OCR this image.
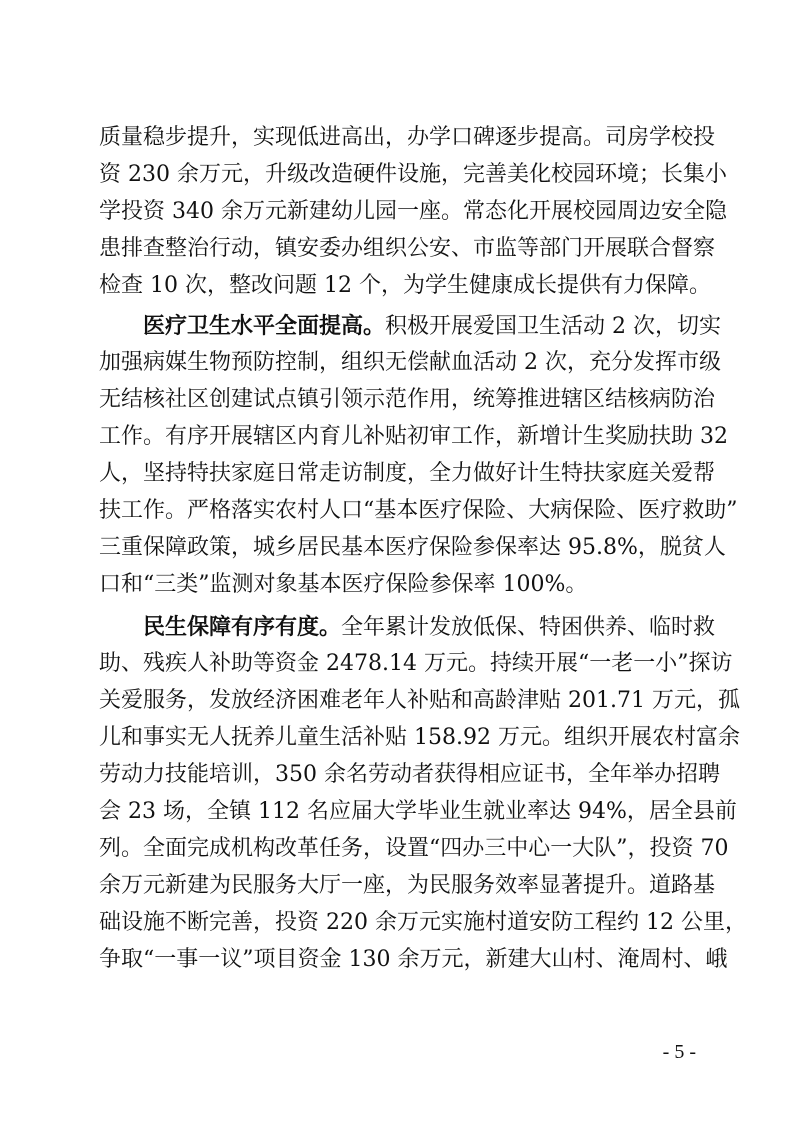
质量稳步提升，实现低进高出，办学口碑逐步提高。司房学校投
资 230 余万元，升级改造硬件设施，完善美化校园环境；长集小
学投资 340 余万元新建幼儿园一座。常态化开展校园周边安全隐
患排查整治行动，镇安委办组织公安、市监等部门开展联合督察
检查 10 次，整改问题 12 个，为学生健康成长提供有力保障。
医疗卫生水平全面提高。积极开展爱国卫生活动 2 次，切实
加强病媒生物预防控制，组织无偿献血活动 2 次，充分发挥市级
无结核社区创建试点镇引领示范作用，统筹推进辖区结核病防治
工作。有序开展辖区内育儿补贴初审工作，新增计生奖励扶助 32
人，坚持特扶家庭日常走访制度，全力做好计生特扶家庭关爱帮
扶工作。严格落实农村人口“基本医疗保险、大病保险、医疗救助”
三重保障政策，城乡居民基本医疗保险参保率达 95.8%，脱贫人
口和“三类”监测对象基本医疗保险参保率 100%。
民生保障有序有度。全年累计发放低保、特困供养、临时救
助、残疾人补助等资金 2478.14 万元。持续开展“一老一小”探访
关爱服务，发放经济困难老年人补贴和高龄津贴 201.71 万元，孤
儿和事实无人抚养儿童生活补贴 158.92 万元。组织开展农村富余
劳动力技能培训，350 余名劳动者获得相应证书，全年举办招聘
会 23 场，全镇 112 名应届大学毕业生就业率达 94%，居全县前
列。全面完成机构改革任务，设置“四办三中心一大队”，投资 70
余万元新建为民服务大厅一座，为民服务效率显著提升。道路基
础设施不断完善，投资 220 余万元实施村道安防工程约 12 公里，
争取“一事一议”项目资金 130 余万元，新建大山村、淹周村、峨
- 5 -
